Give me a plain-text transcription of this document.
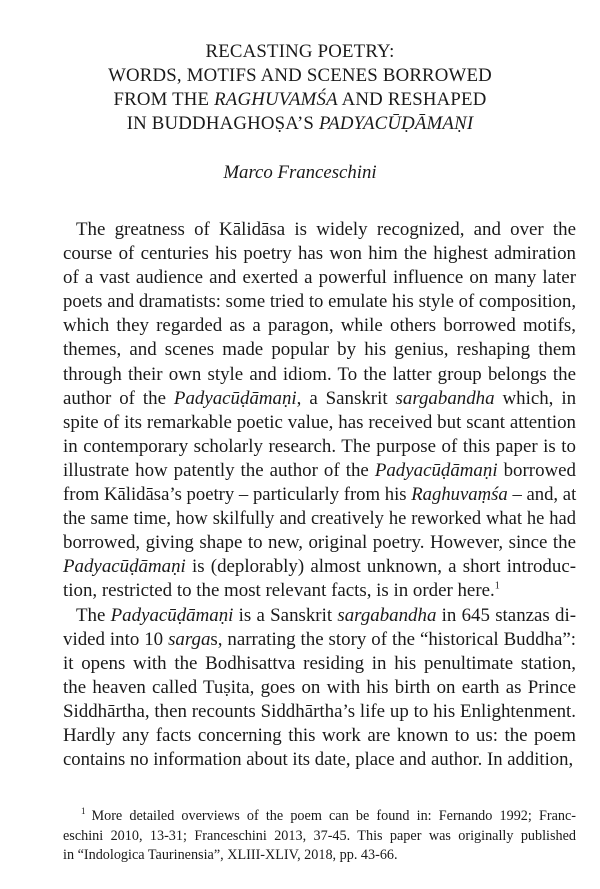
RECASTING POETRY:
WORDS, MOTIFS AND SCENES BORROWED
FROM THE RAGHUVAMŚA AND RESHAPED
IN BUDDHAGHOṢA’S PADYACŪḌĀMAṆI
Marco Franceschini
The greatness of Kālidāsa is widely recognized, and over the
course of centuries his poetry has won him the highest admiration
of a vast audience and exerted a powerful influence on many later
poets and dramatists: some tried to emulate his style of composition,
which they regarded as a paragon, while others borrowed motifs,
themes, and scenes made popular by his genius, reshaping them
through their own style and idiom. To the latter group belongs the
author of the Padyacūḍāmaṇi, a Sanskrit sargabandha which, in
spite of its remarkable poetic value, has received but scant attention
in contemporary scholarly research. The purpose of this paper is to
illustrate how patently the author of the Padyacūḍāmaṇi borrowed
from Kālidāsa’s poetry – particularly from his Raghuvaṃśa – and, at
the same time, how skilfully and creatively he reworked what he had
borrowed, giving shape to new, original poetry. However, since the
Padyacūḍāmaṇi is (deplorably) almost unknown, a short introduc-
tion, restricted to the most relevant facts, is in order here.$^1$
The Padyacūḍāmaṇi is a Sanskrit sargabandha in 645 stanzas di-
vided into 10 sargas, narrating the story of the “historical Buddha”:
it opens with the Bodhisattva residing in his penultimate station,
the heaven called Tuṣita, goes on with his birth on earth as Prince
Siddhārtha, then recounts Siddhārtha’s life up to his Enlightenment.
Hardly any facts concerning this work are known to us: the poem
contains no information about its date, place and author. In addition,
$^1$ More detailed overviews of the poem can be found in: Fernando 1992; Franc-
eschini 2010, 13-31; Franceschini 2013, 37-45. This paper was originally published
in “Indologica Taurinensia”, XLIII-XLIV, 2018, pp. 43-66.
